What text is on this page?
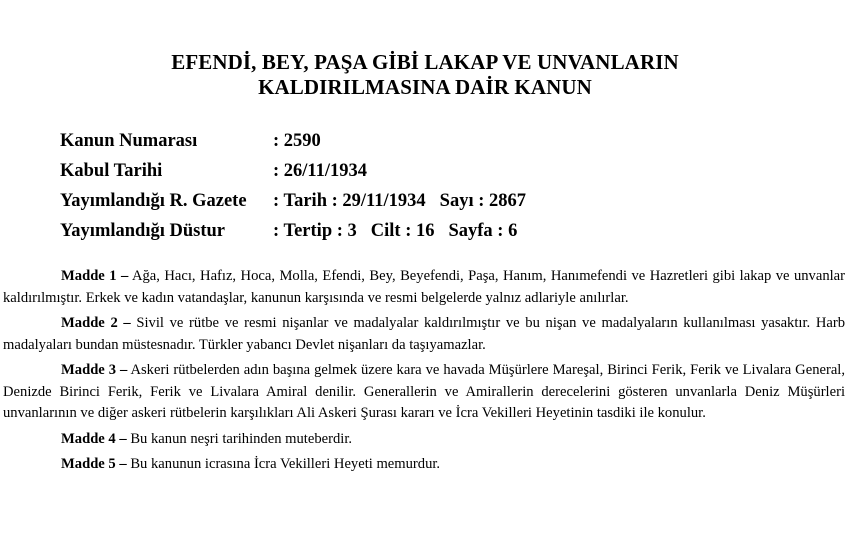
EFENDİ, BEY, PAŞA GİBİ LAKAP VE UNVANLARIN
KALDIRILMASINA DAİR KANUN
Kanun Numarası	: 2590
Kabul Tarihi	: 26/11/1934
Yayımlandığı R. Gazete	: Tarih : 29/11/1934 Sayı : 2867
Yayımlandığı Düstur	: Tertip : 3 Cilt : 16 Sayfa : 6

Madde 1 – Ağa, Hacı, Hafız, Hoca, Molla, Efendi, Bey, Beyefendi, Paşa, Hanım, Hanımefendi ve Hazretleri gibi lakap ve unvanlar kaldırılmıştır. Erkek ve kadın vatandaşlar, kanunun karşısında ve resmi belgelerde yalnız adlariyle anılırlar.

Madde 2 – Sivil ve rütbe ve resmi nişanlar ve madalyalar kaldırılmıştır ve bu nişan ve madalyaların kullanılması yasaktır. Harb madalyaları bundan müstesnadır. Türkler yabancı Devlet nişanları da taşıyamazlar.

Madde 3 – Askeri rütbelerden adın başına gelmek üzere kara ve havada Müşürlere Mareşal, Birinci Ferik, Ferik ve Livalara General, Denizde Birinci Ferik, Ferik ve Livalara Amiral denilir. Generallerin ve Amirallerin derecelerini gösteren unvanlarla Deniz Müşürleri unvanlarının ve diğer askeri rütbelerin karşılıkları Ali Askeri Şurası kararı ve İcra Vekilleri Heyetinin tasdiki ile konulur.

Madde 4 – Bu kanun neşri tarihinden muteberdir.

Madde 5 – Bu kanunun icrasına İcra Vekilleri Heyeti memurdur.
